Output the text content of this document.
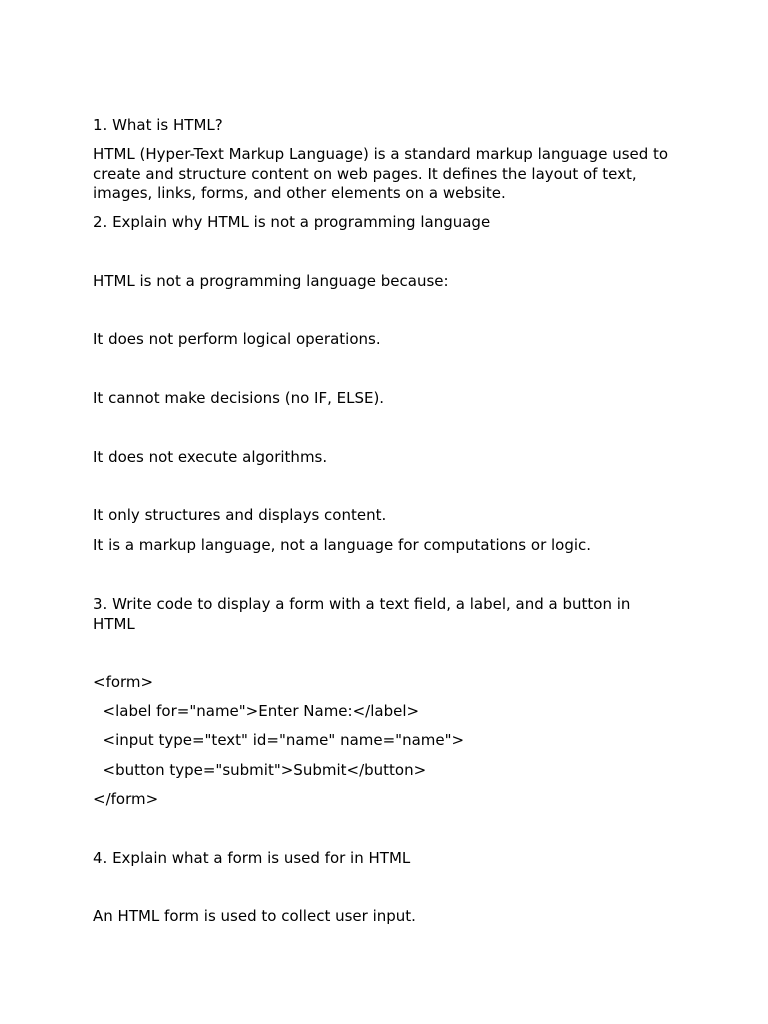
1. What is HTML?

HTML (Hyper-Text Markup Language) is a standard markup language used to create and structure content on web pages. It defines the layout of text, images, links, forms, and other elements on a website.

2. Explain why HTML is not a programming language

HTML is not a programming language because:

It does not perform logical operations.

It cannot make decisions (no IF, ELSE).

It does not execute algorithms.

It only structures and displays content.

It is a markup language, not a language for computations or logic.

3. Write code to display a form with a text field, a label, and a button in HTML

<form>

<label for="name">Enter Name:</label>

<input type="text" id="name" name="name">

<button type="submit">Submit</button>

</form>

4. Explain what a form is used for in HTML

An HTML form is used to collect user input.
